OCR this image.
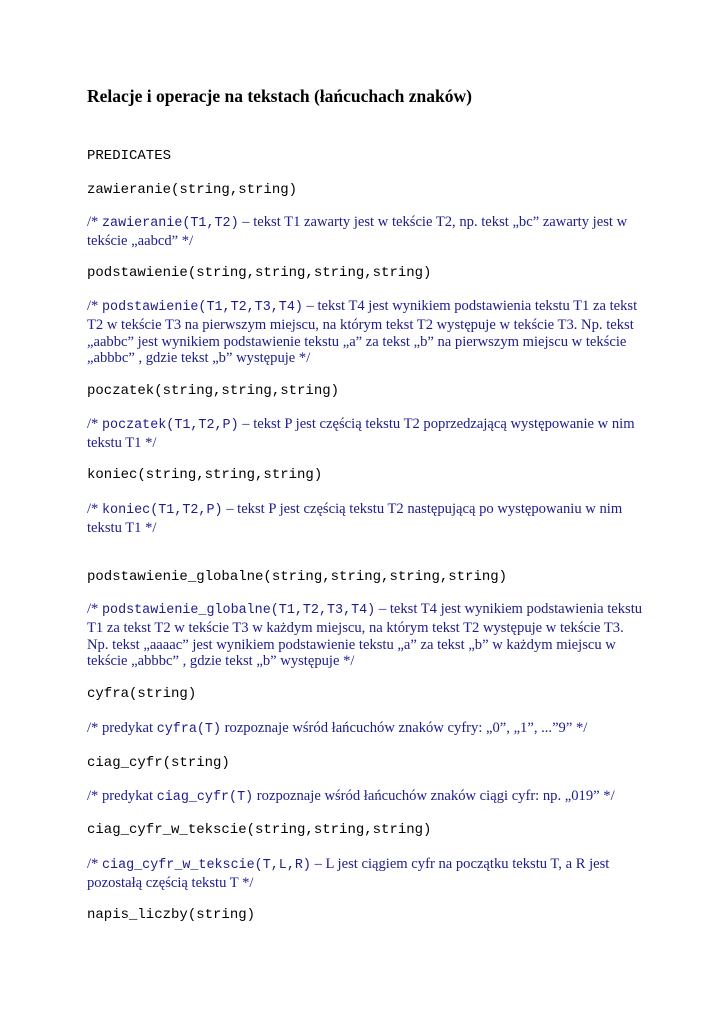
Relacje i operacje na tekstach (łańcuchach znaków)
PREDICATES
zawieranie(string,string)
/* zawieranie(T1,T2) – tekst T1 zawarty jest w tekście T2, np. tekst „bc” zawarty jest w tekście „aabcd” */
podstawienie(string,string,string,string)
/* podstawienie(T1,T2,T3,T4) – tekst T4 jest wynikiem podstawienia tekstu T1 za tekst T2 w tekście T3 na pierwszym miejscu, na którym tekst T2 występuje w tekście T3. Np. tekst „aabbc” jest wynikiem podstawienie tekstu „a” za tekst „b” na pierwszym miejscu w tekście „abbbc” , gdzie tekst „b” występuje */
poczatek(string,string,string)
/* poczatek(T1,T2,P) – tekst P jest częścią tekstu T2 poprzedzającą występowanie w nim tekstu T1 */
koniec(string,string,string)
/* koniec(T1,T2,P) – tekst P jest częścią tekstu T2 następującą po występowaniu w nim tekstu T1 */
podstawienie_globalne(string,string,string,string)
/* podstawienie_globalne(T1,T2,T3,T4) – tekst T4 jest wynikiem podstawienia tekstu T1 za tekst T2 w tekście T3 w każdym miejscu, na którym tekst T2 występuje w tekście T3. Np. tekst „aaaac” jest wynikiem podstawienie tekstu „a” za tekst „b” w każdym miejscu w tekście „abbbc” , gdzie tekst „b” występuje */
cyfra(string)
/* predykat cyfra(T) rozpoznaje wśród łańcuchów znaków cyfry: „0”, „1”, ...”9” */
ciag_cyfr(string)
/* predykat ciag_cyfr(T) rozpoznaje wśród łańcuchów znaków ciągi cyfr: np. „019” */
ciag_cyfr_w_tekscie(string,string,string)
/* ciag_cyfr_w_tekscie(T,L,R) – L jest ciągiem cyfr na początku tekstu T, a R jest pozostałą częścią tekstu T */
napis_liczby(string)
